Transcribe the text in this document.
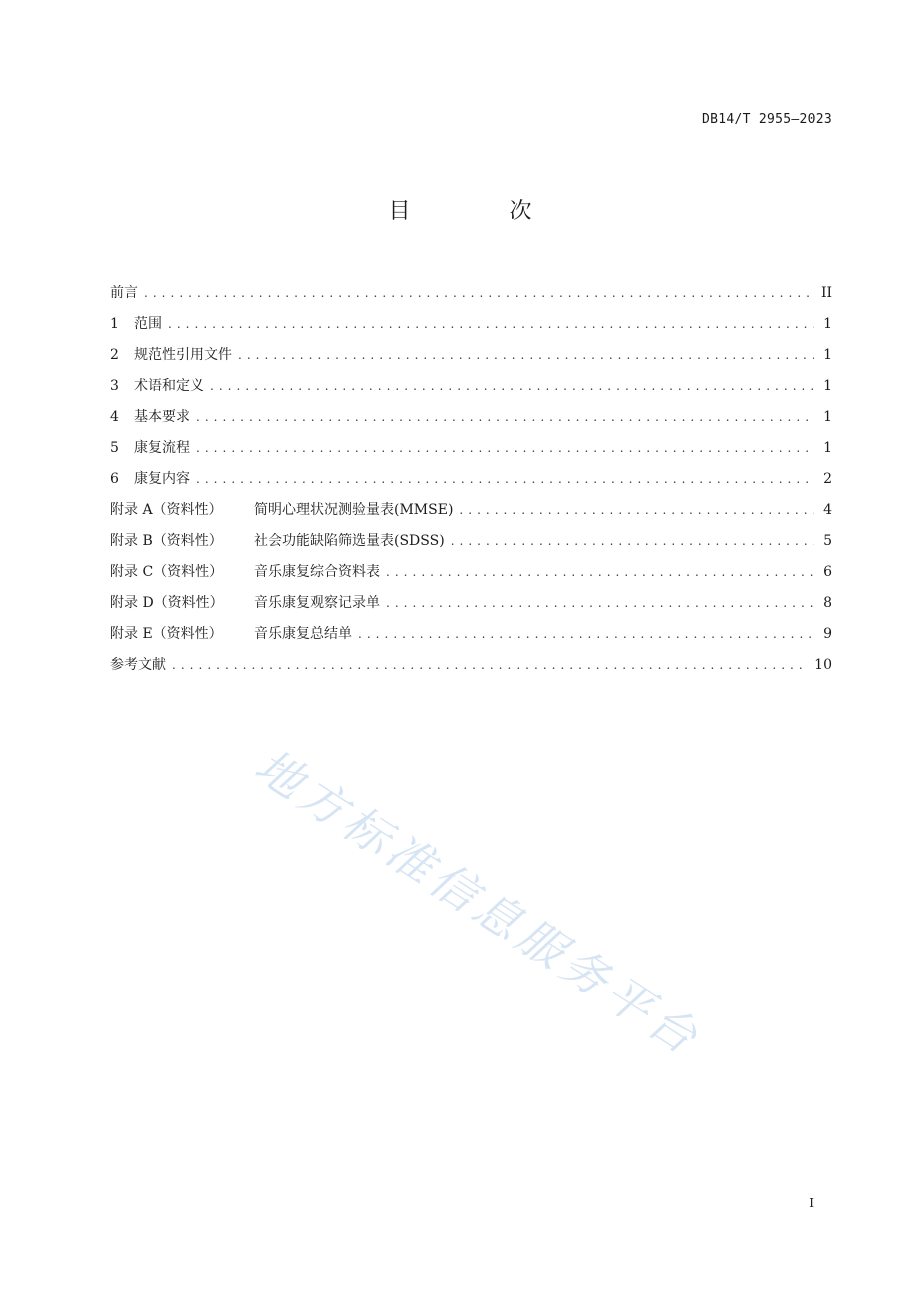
DB14/T 2955—2023
目 次
前言 . . .	II
1	范围 . . .	1
2	规范性引用文件 . . .	1
3	术语和定义 . . .	1
4	基本要求 . . .	1
5	康复流程 . . .	1
6	康复内容 . . .	2
附录 A（资料性）	简明心理状况测验量表(MMSE) . . .	4
附录 B（资料性）	社会功能缺陷筛选量表(SDSS) . . .	5
附录 C（资料性）	音乐康复综合资料表 . . .	6
附录 D（资料性）	音乐康复观察记录单 . . .	8
附录 E（资料性）	音乐康复总结单 . . .	9
参考文献 . . .	10
地方标准信息服务平台
I
